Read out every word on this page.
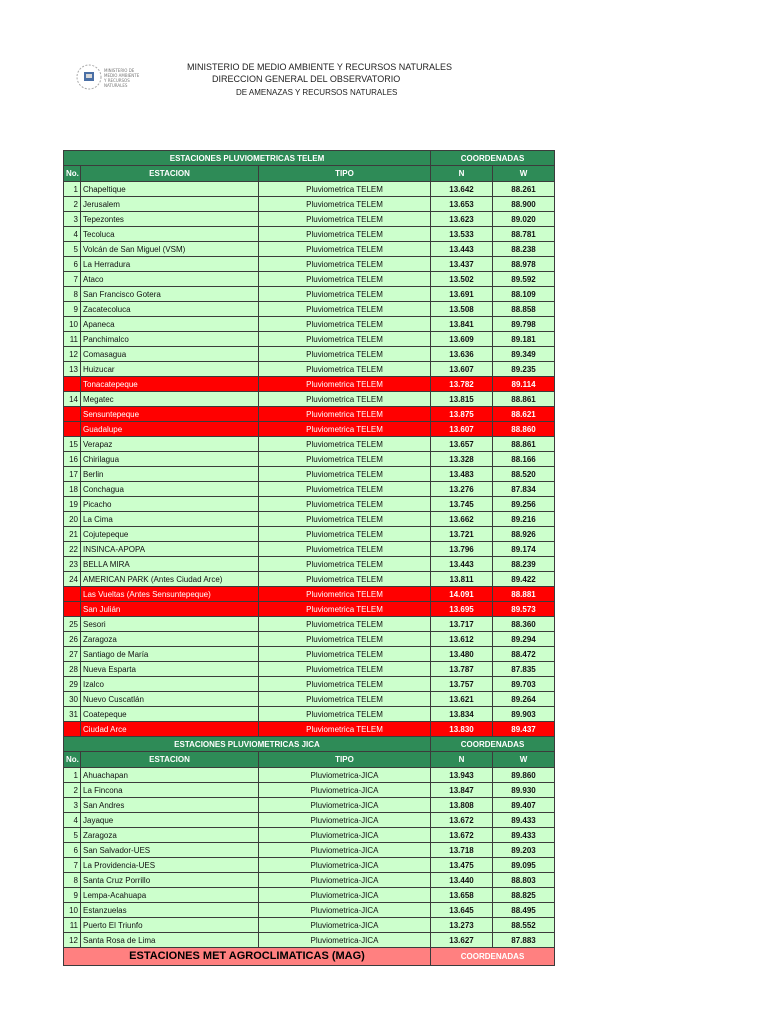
MINISTERIO DE
MEDIO AMBIENTE
Y RECURSOS
NATURALES
MINISTERIO DE MEDIO AMBIENTE Y RECURSOS NATURALES
DIRECCION GENERAL DEL OBSERVATORIO
DE AMENAZAS Y RECURSOS NATURALES
ESTACIONES PLUVIOMETRICAS TELEM			COORDENADAS	
No.	ESTACION	TIPO	N	W
1	Chapeltique	Pluviometrica TELEM	13.642	88.261
2	Jerusalem	Pluviometrica TELEM	13.653	88.900
3	Tepezontes	Pluviometrica TELEM	13.623	89.020
4	Tecoluca	Pluviometrica TELEM	13.533	88.781
5	Volcán de San Miguel (VSM)	Pluviometrica TELEM	13.443	88.238
6	La Herradura	Pluviometrica TELEM	13.437	88.978
7	Ataco	Pluviometrica TELEM	13.502	89.592
8	San Francisco Gotera	Pluviometrica TELEM	13.691	88.109
9	Zacatecoluca	Pluviometrica TELEM	13.508	88.858
10	Apaneca	Pluviometrica TELEM	13.841	89.798
11	Panchimalco	Pluviometrica TELEM	13.609	89.181
12	Comasagua	Pluviometrica TELEM	13.636	89.349
13	Huizucar	Pluviometrica TELEM	13.607	89.235
	Tonacatepeque	Pluviometrica TELEM	13.782	89.114
14	Megatec	Pluviometrica TELEM	13.815	88.861
	Sensuntepeque	Pluviometrica TELEM	13.875	88.621
	Guadalupe	Pluviometrica TELEM	13.607	88.860
15	Verapaz	Pluviometrica TELEM	13.657	88.861
16	Chirilagua	Pluviometrica TELEM	13.328	88.166
17	Berlin	Pluviometrica TELEM	13.483	88.520
18	Conchagua	Pluviometrica TELEM	13.276	87.834
19	Picacho	Pluviometrica TELEM	13.745	89.256
20	La Cima	Pluviometrica TELEM	13.662	89.216
21	Cojutepeque	Pluviometrica TELEM	13.721	88.926
22	INSINCA-APOPA	Pluviometrica TELEM	13.796	89.174
23	BELLA MIRA	Pluviometrica TELEM	13.443	88.239
24	AMERICAN PARK (Antes Ciudad Arce)	Pluviometrica TELEM	13.811	89.422
	Las Vueltas (Antes Sensuntepeque)	Pluviometrica TELEM	14.091	88.881
	San Julián	Pluviometrica TELEM	13.695	89.573
25	Sesori	Pluviometrica TELEM	13.717	88.360
26	Zaragoza	Pluviometrica TELEM	13.612	89.294
27	Santiago de María	Pluviometrica TELEM	13.480	88.472
28	Nueva Esparta	Pluviometrica TELEM	13.787	87.835
29	Izalco	Pluviometrica TELEM	13.757	89.703
30	Nuevo Cuscatlán	Pluviometrica TELEM	13.621	89.264
31	Coatepeque	Pluviometrica TELEM	13.834	89.903
	Ciudad Arce	Pluviometrica TELEM	13.830	89.437
ESTACIONES PLUVIOMETRICAS JICA			COORDENADAS	
No.	ESTACION	TIPO	N	W
1	Ahuachapan	Pluviometrica-JICA	13.943	89.860
2	La Fincona	Pluviometrica-JICA	13.847	89.930
3	San Andres	Pluviometrica-JICA	13.808	89.407
4	Jayaque	Pluviometrica-JICA	13.672	89.433
5	Zaragoza	Pluviometrica-JICA	13.672	89.433
6	San Salvador-UES	Pluviometrica-JICA	13.718	89.203
7	La Providencia-UES	Pluviometrica-JICA	13.475	89.095
8	Santa Cruz Porrillo	Pluviometrica-JICA	13.440	88.803
9	Lempa-Acahuapa	Pluviometrica-JICA	13.658	88.825
10	Estanzuelas	Pluviometrica-JICA	13.645	88.495
11	Puerto El Triunfo	Pluviometrica-JICA	13.273	88.552
12	Santa Rosa de Lima	Pluviometrica-JICA	13.627	87.883
ESTACIONES MET AGROCLIMATICAS (MAG)			COORDENADAS	
